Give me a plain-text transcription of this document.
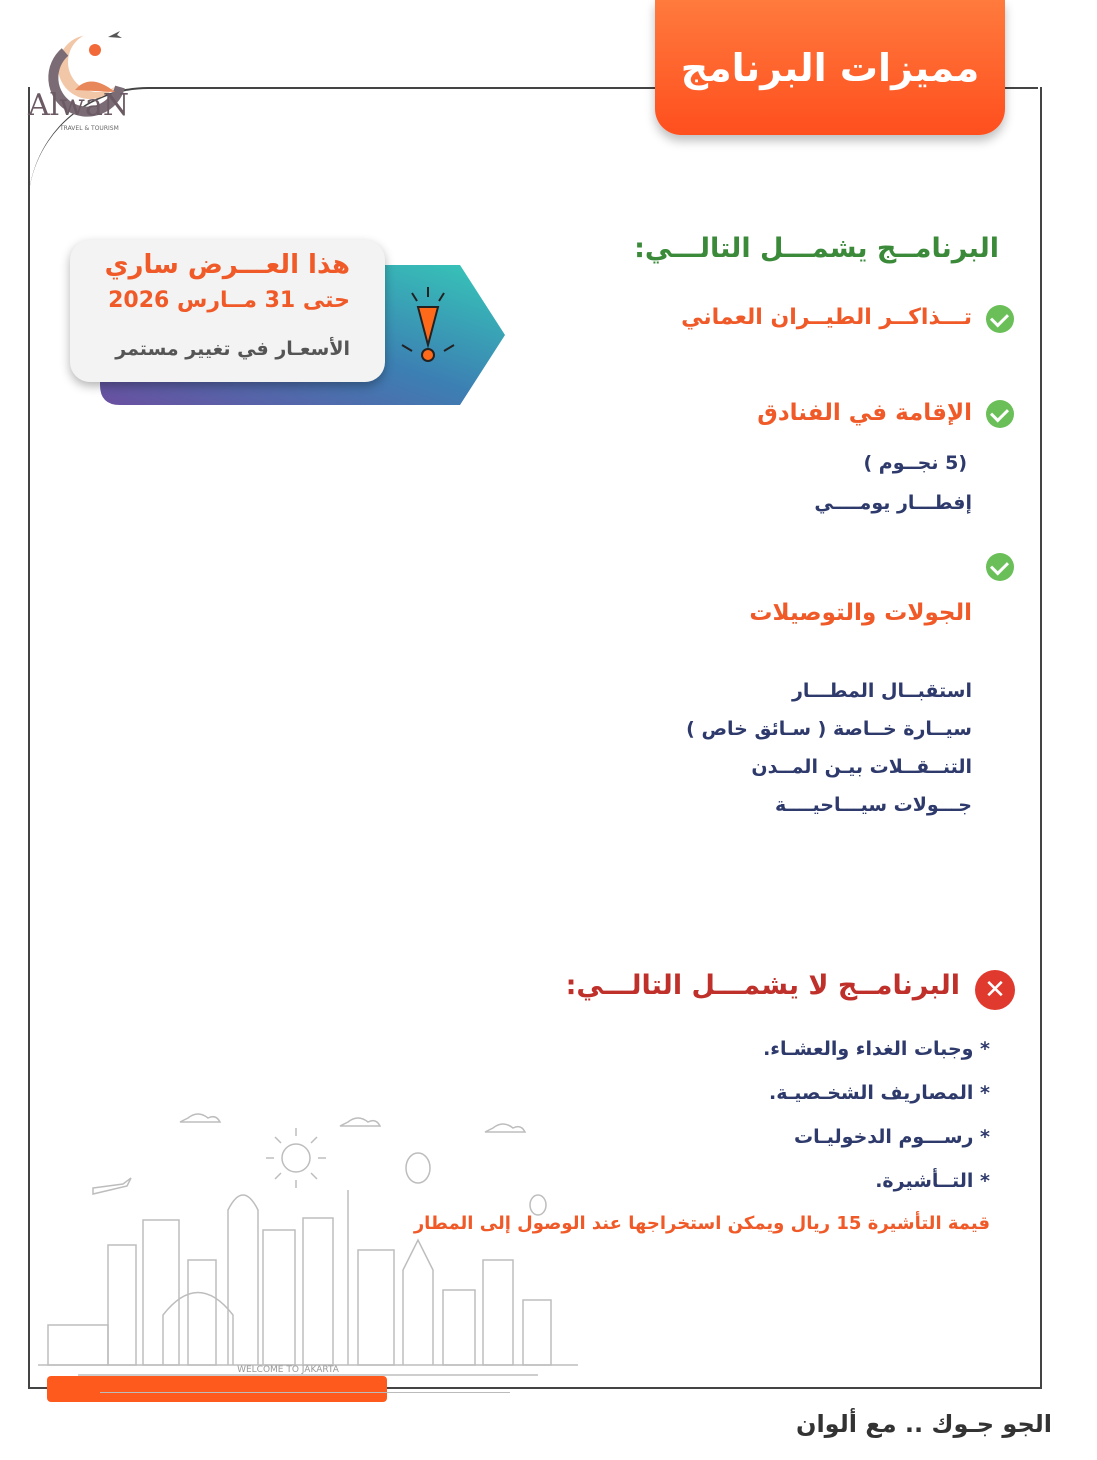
AlwaN
TRAVEL & TOURISM
مميزات البرنامج
هذا العـــرض ساري
حتى 31 مــارس 2026
الأسعـار في تغيير مستمر
البرنامــج يشمـــل التالـــي:
تـــذاكــر الطيــران العماني
الإقامة في الفنادق
(5 نجــوم )
إفطـــار يومــــي
الجولات والتوصيلات
استقبــال المطـــار
سيــارة خــاصة ( سـائق خاص )
التنــقــلات بيـن المــدن
جـــولات سيـــاحيــــة
✕
البرنامــج لا يشمـــل التالـــي:
* وجبات الغداء والعشـاء.
* المصاريف الشخـصيـة.
* رســـوم الدخوليـات
* التــأشيرة.
قيمة التأشيرة 15 ريال ويمكن استخراجها عند الوصول إلى المطار
WELCOME TO JAKARTA
الجو جـوك .. مع ألوان
